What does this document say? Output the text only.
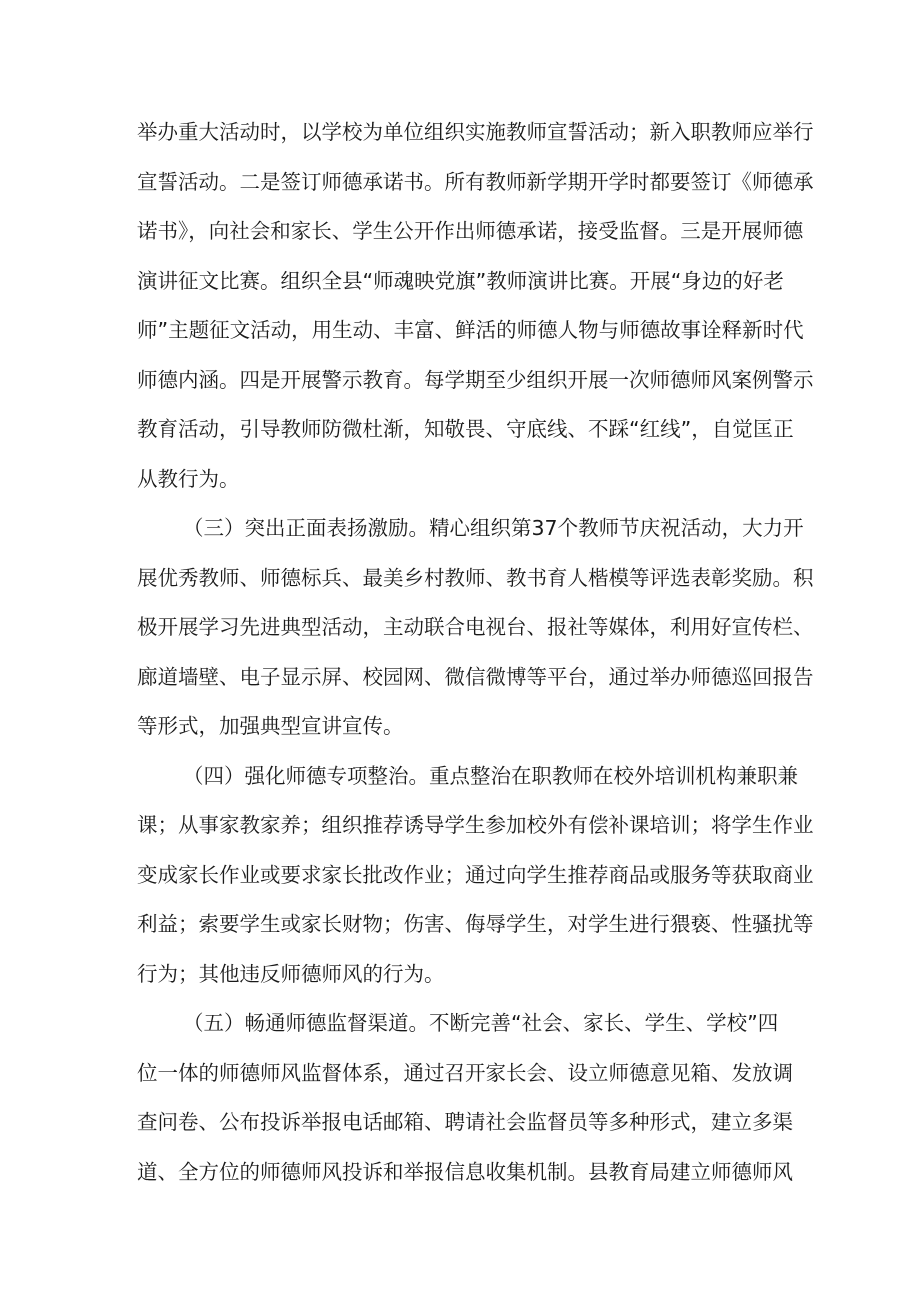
举办重大活动时，以学校为单位组织实施教师宣誓活动；新入职教师应举行
宣誓活动。二是签订师德承诺书。所有教师新学期开学时都要签订《师德承
诺书》，向社会和家长、学生公开作出师德承诺，接受监督。三是开展师德
演讲征文比赛。组织全县“师魂映党旗”教师演讲比赛。开展“身边的好老
师”主题征文活动，用生动、丰富、鲜活的师德人物与师德故事诠释新时代
师德内涵。四是开展警示教育。每学期至少组织开展一次师德师风案例警示
教育活动，引导教师防微杜渐，知敬畏、守底线、不踩“红线”，自觉匡正
从教行为。

（三）突出正面表扬激励。精心组织第37个教师节庆祝活动，大力开
展优秀教师、师德标兵、最美乡村教师、教书育人楷模等评选表彰奖励。积
极开展学习先进典型活动，主动联合电视台、报社等媒体，利用好宣传栏、
廊道墙壁、电子显示屏、校园网、微信微博等平台，通过举办师德巡回报告
等形式，加强典型宣讲宣传。

（四）强化师德专项整治。重点整治在职教师在校外培训机构兼职兼
课；从事家教家养；组织推荐诱导学生参加校外有偿补课培训；将学生作业
变成家长作业或要求家长批改作业；通过向学生推荐商品或服务等获取商业
利益；索要学生或家长财物；伤害、侮辱学生，对学生进行猥亵、性骚扰等
行为；其他违反师德师风的行为。

（五）畅通师德监督渠道。不断完善“社会、家长、学生、学校”四
位一体的师德师风监督体系，通过召开家长会、设立师德意见箱、发放调
查问卷、公布投诉举报电话邮箱、聘请社会监督员等多种形式，建立多渠
道、全方位的师德师风投诉和举报信息收集机制。县教育局建立师德师风
